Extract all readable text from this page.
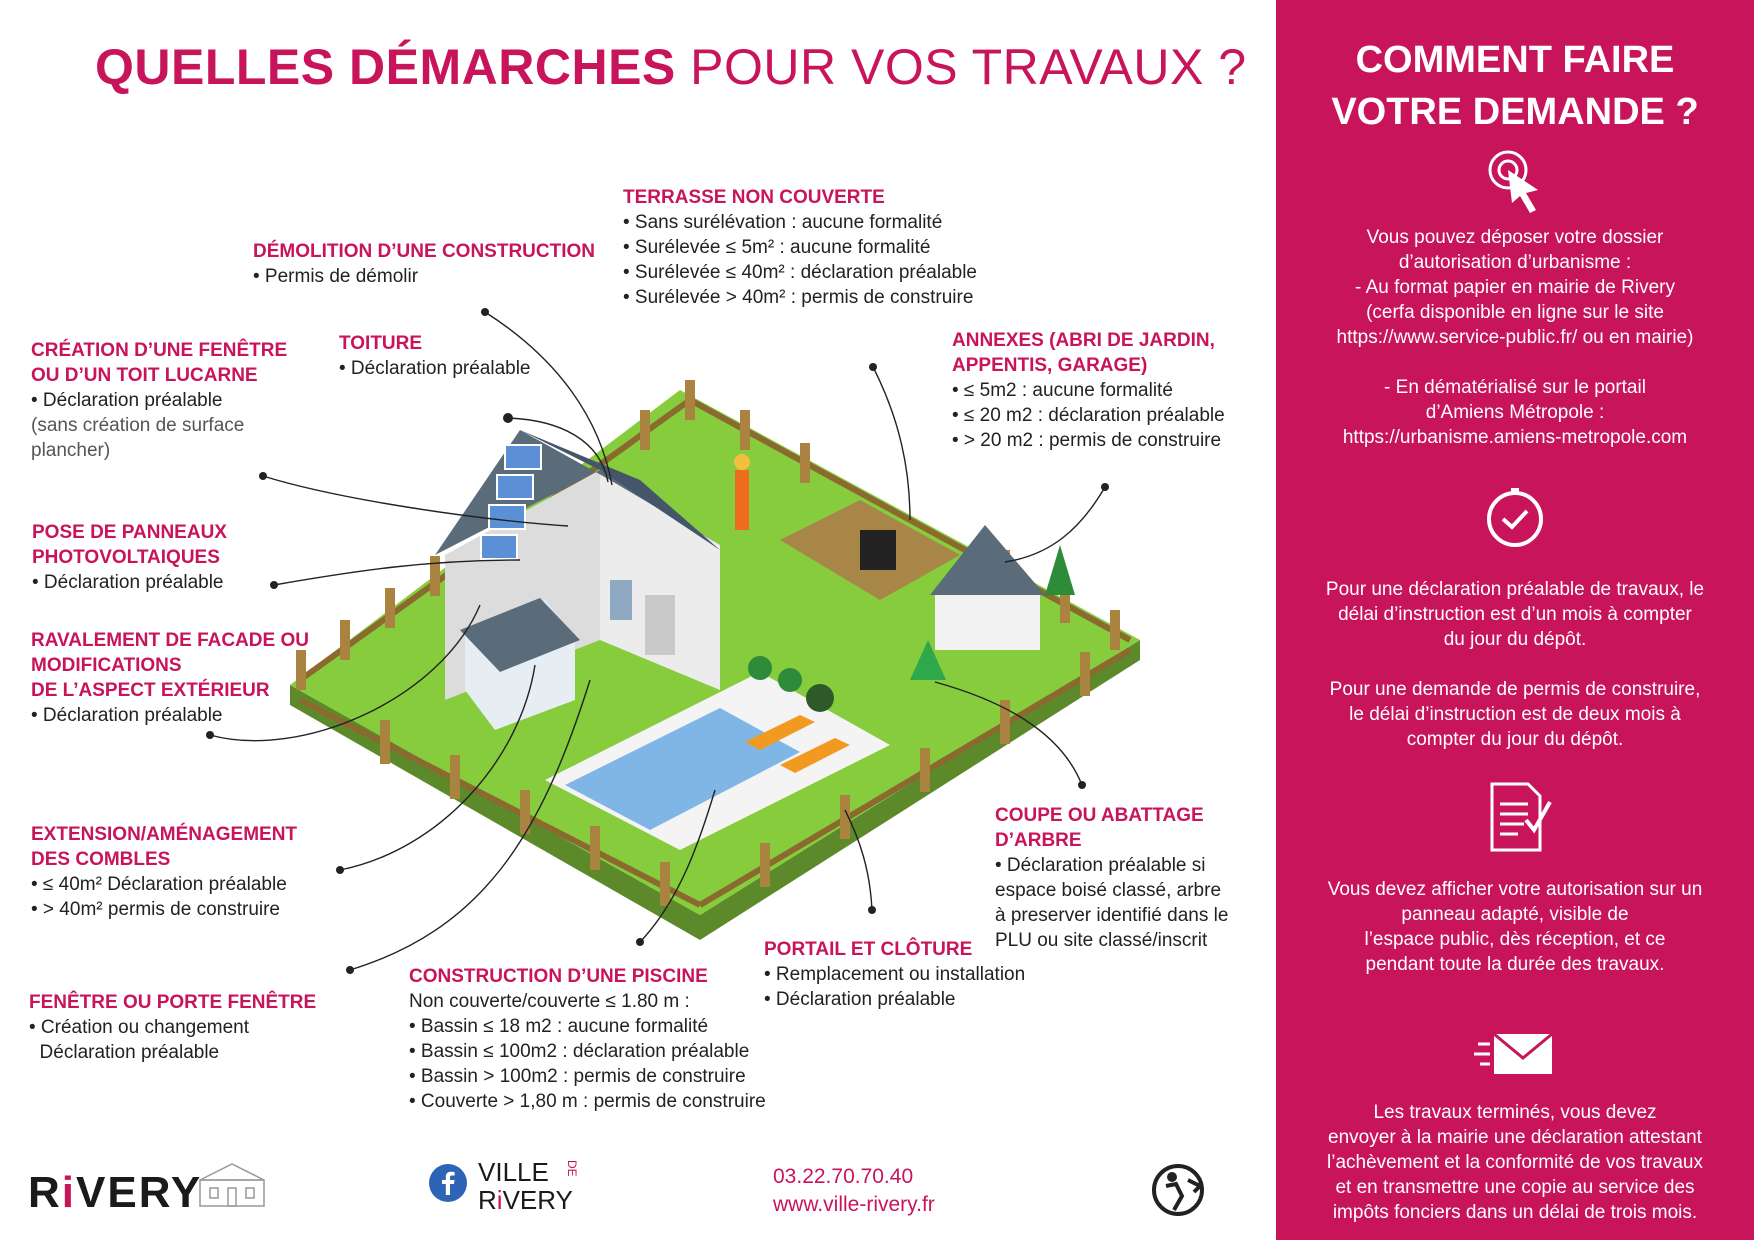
QUELLES DÉMARCHES POUR VOS TRAVAUX ?
TERRASSE NON COUVERTE

• Sans surélévation : aucune formalité

• Surélevée ≤ 5m² : aucune formalité

• Surélevée ≤ 40m² : déclaration préalable

• Surélevée > 40m² : permis de construire

DÉMOLITION D’UNE CONSTRUCTION

• Permis de démolir

CRÉATION D’UNE FENÊTRE
OU D’UN TOIT LUCARNE

• Déclaration préalable

(sans création de surface

plancher)

TOITURE

• Déclaration préalable

ANNEXES (ABRI DE JARDIN,
APPENTIS, GARAGE)

• ≤ 5m2 : aucune formalité

• ≤ 20 m2 : déclaration préalable

• > 20 m2 : permis de construire

POSE DE PANNEAUX
PHOTOVOLTAIQUES

• Déclaration préalable

RAVALEMENT DE FACADE OU
MODIFICATIONS
DE L’ASPECT EXTÉRIEUR

• Déclaration préalable

EXTENSION/AMÉNAGEMENT
DES COMBLES

• ≤ 40m² Déclaration préalable

• > 40m² permis de construire

COUPE OU ABATTAGE
D’ARBRE

• Déclaration préalable si

espace boisé classé, arbre

à preserver identifié dans le

PLU ou site classé/inscrit

PORTAIL ET CLÔTURE

• Remplacement ou installation

• Déclaration préalable

CONSTRUCTION D’UNE PISCINE

Non couverte/couverte ≤ 1.80 m :

• Bassin ≤ 18 m2 : aucune formalité

• Bassin ≤ 100m2 : déclaration préalable

• Bassin > 100m2 : permis de construire

• Couverte > 1,80 m : permis de construire

FENÊTRE OU PORTE FENÊTRE

• Création ou changement

Déclaration préalable

COMMENT FAIRE
VOTRE DEMANDE ?
Vous pouvez déposer votre dossier
d’autorisation d’urbanisme :
- Au format papier en mairie de Rivery
(cerfa disponible en ligne sur le site
https://www.service-public.fr/ ou en mairie)
- En dématérialisé sur le portail
d’Amiens Métropole :
https://urbanisme.amiens-metropole.com
Pour une déclaration préalable de travaux, le
délai d’instruction est d’un mois à compter
du jour du dépôt.
Pour une demande de permis de construire,
le délai d’instruction est de deux mois à
compter du jour du dépôt.
Vous devez afficher votre autorisation sur un
panneau adapté, visible de
l’espace public, dès réception, et ce
pendant toute la durée des travaux.
Les travaux terminés, vous devez
envoyer à la mairie une déclaration attestant
l’achèvement et la conformité de vos travaux
et en transmettre une copie au service des
impôts fonciers dans un délai de trois mois.
RiVERY	VILLE	DE
RiVERY
03.22.70.70.40
www.ville-rivery.fr
